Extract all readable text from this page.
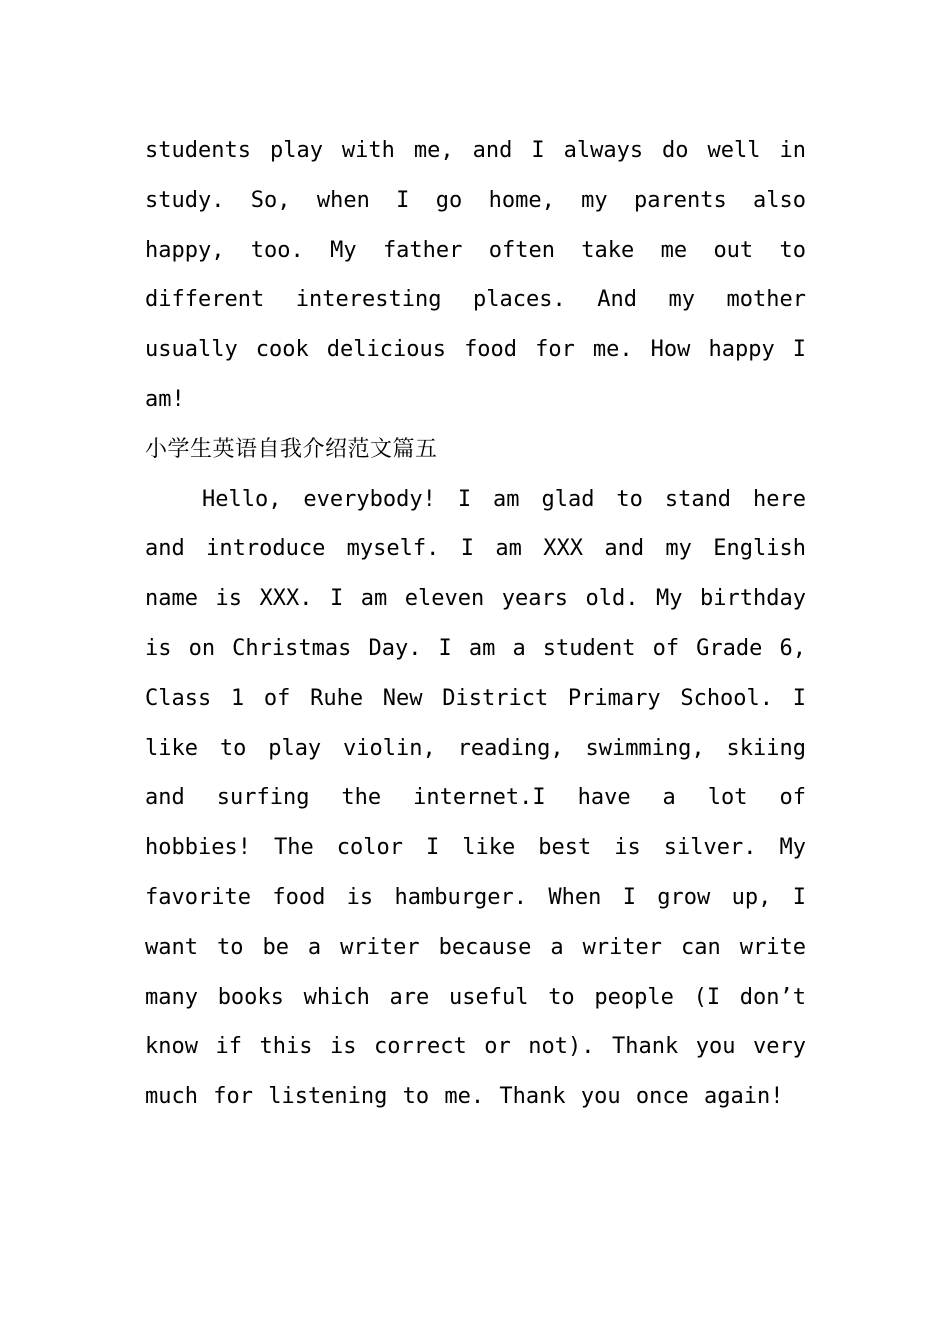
students play with me, and I always do well in study. So, when I go home, my parents also happy, too. My father often take me out to different interesting places. And my mother usually cook delicious food for me. How happy I am!

小学生英语自我介绍范文篇五

Hello, everybody! I am glad to stand here and introduce myself. I am XXX and my English name is XXX. I am eleven years old. My birthday is on Christmas Day. I am a student of Grade 6, Class 1 of Ruhe New District Primary School. I like to play violin, reading, swimming, skiing and surfing the internet.I have a lot of hobbies! The color I like best is silver. My favorite food is hamburger. When I grow up, I want to be a writer because a writer can write many books which are useful to people (I don’t know if this is correct or not). Thank you very much for listening to me. Thank you once again!
